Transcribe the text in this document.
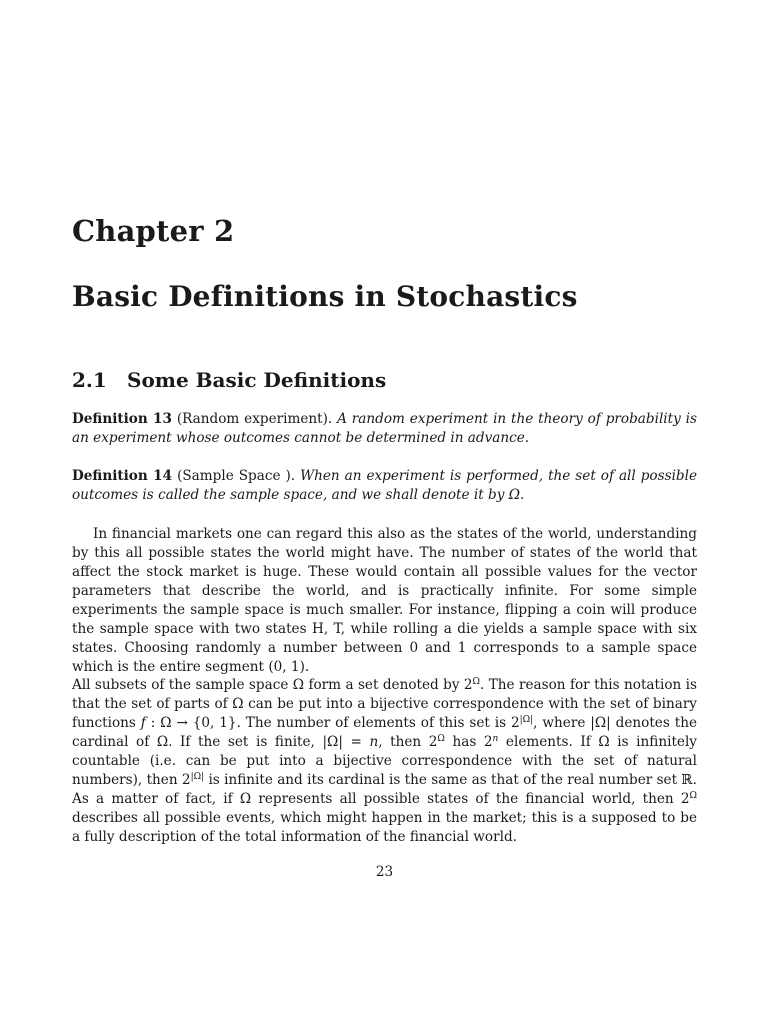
Chapter 2
Basic Definitions in Stochastics
2.1 Some Basic Definitions

Definition 13 (Random experiment). A random experiment in the theory of probability is an experiment whose outcomes cannot be determined in advance.

Definition 14 (Sample Space ). When an experiment is performed, the set of all possible outcomes is called the sample space, and we shall denote it by Ω.

In financial markets one can regard this also as the states of the world, understanding by this all possible states the world might have. The number of states of the world that affect the stock market is huge. These would contain all possible values for the vector parameters that describe the world, and is practically infinite. For some simple experiments the sample space is much smaller. For instance, flipping a coin will produce the sample space with two states H, T, while rolling a die yields a sample space with six states. Choosing randomly a number between 0 and 1 corresponds to a sample space which is the entire segment (0, 1).

All subsets of the sample space Ω form a set denoted by $2^\Omega$. The reason for this notation is that the set of parts of Ω can be put into a bijective correspondence with the set of binary functions f : Ω → {0, 1}. The number of elements of this set is $2^{|\Omega|}$, where |Ω| denotes the cardinal of Ω. If the set is finite, |Ω| = n, then $2^\Omega$ has 2$^n$ elements. If Ω is infinitely countable (i.e. can be put into a bijective correspondence with the set of natural numbers), then $2^{|\Omega|}$ is infinite and its cardinal is the same as that of the real number set ℝ. As a matter of fact, if Ω represents all possible states of the financial world, then $2^\Omega$ describes all possible events, which might happen in the market; this is a supposed to be a fully description of the total information of the financial world.

23
